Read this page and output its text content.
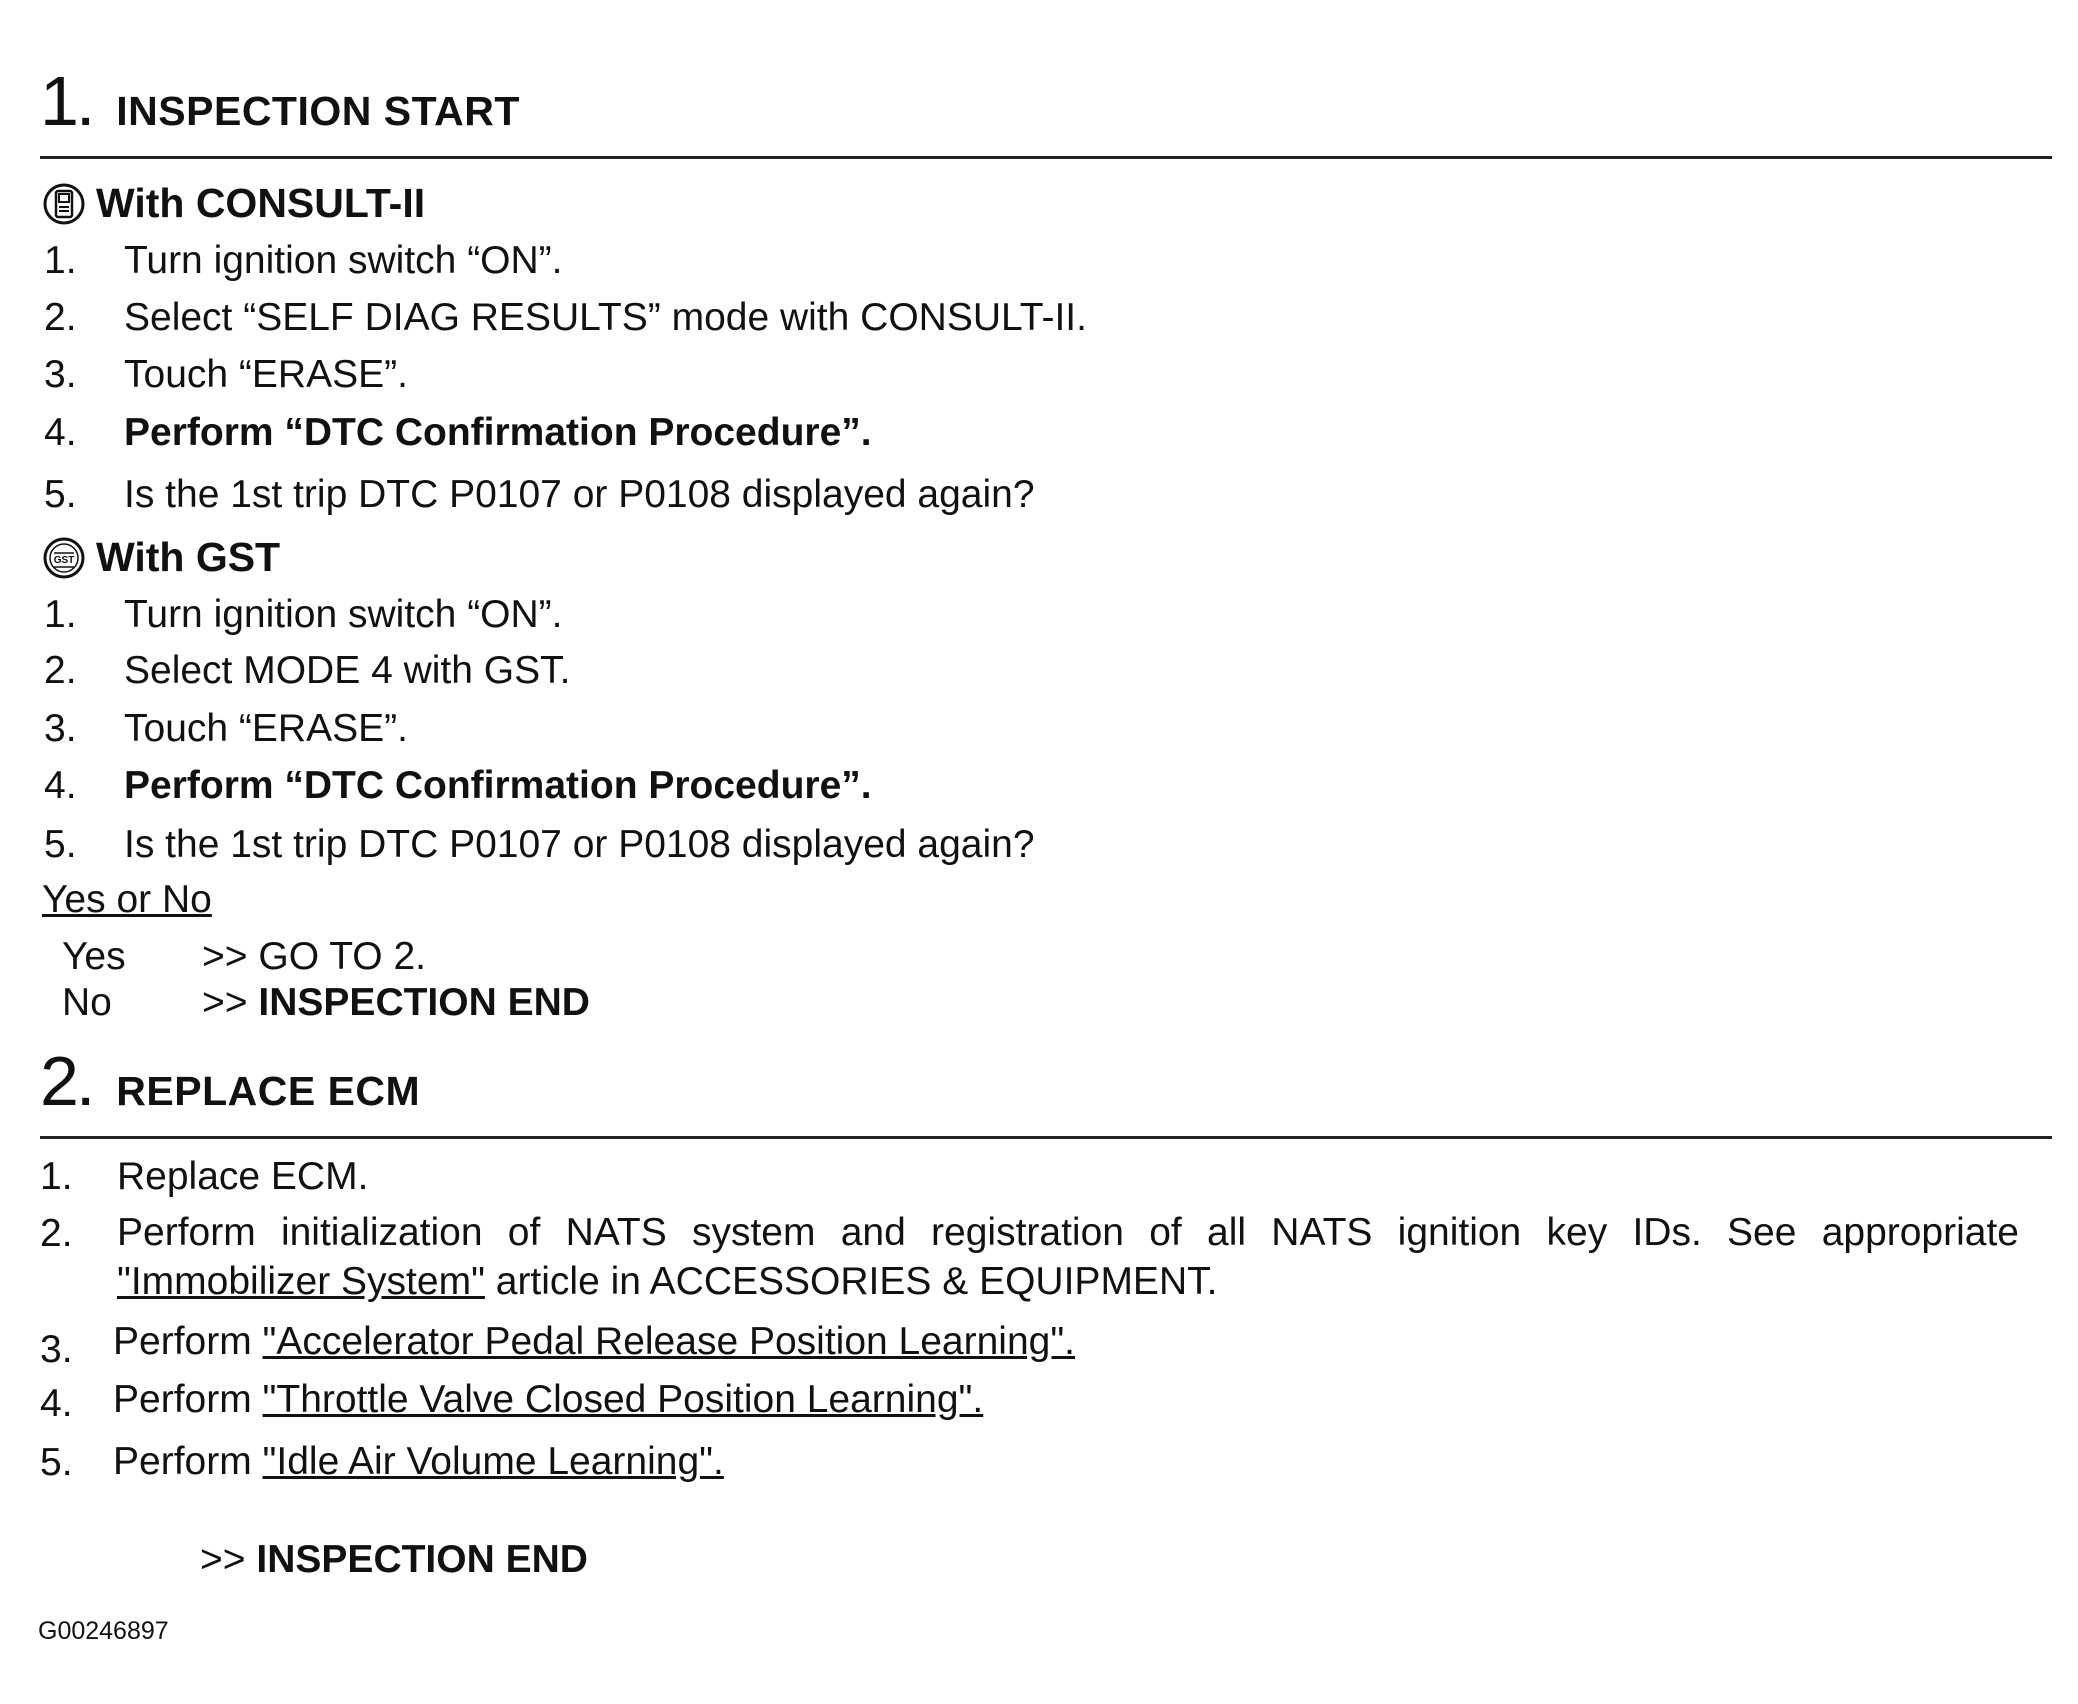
1 . INSPECTION START
With CONSULT-II
1. Turn ignition switch “ON”.
2. Select “SELF DIAG RESULTS” mode with CONSULT-II.
3. Touch “ERASE”.
4. Perform “DTC Confirmation Procedure”.
5. Is the 1st trip DTC P0107 or P0108 displayed again?
GST With GST
1. Turn ignition switch “ON”.
2. Select MODE 4 with GST.
3. Touch “ERASE”.
4. Perform “DTC Confirmation Procedure”.
5. Is the 1st trip DTC P0107 or P0108 displayed again?
Yes or No
Yes >> GO TO 2.
No >> INSPECTION END
2 . REPLACE ECM
1. Replace ECM.
2. Perform initialization of NATS system and registration of all NATS ignition key IDs. See appropriate
"Immobilizer System" article in ACCESSORIES & EQUIPMENT.
3. Perform "Accelerator Pedal Release Position Learning".
4. Perform "Throttle Valve Closed Position Learning".
5. Perform "Idle Air Volume Learning".
>> INSPECTION END
G00246897
